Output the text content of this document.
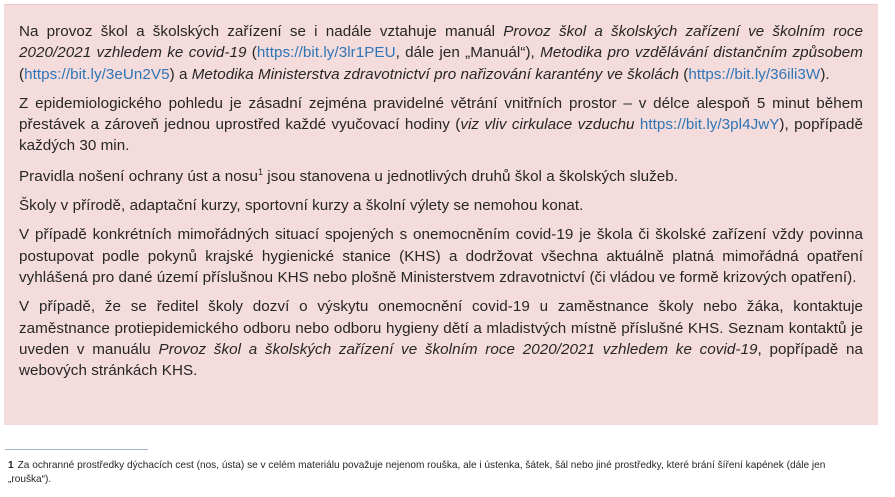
Na provoz škol a školských zařízení se i nadále vztahuje manuál Provoz škol a školských zařízení ve školním roce 2020/2021 vzhledem ke covid-19 (https://bit.ly/3lr1PEU, dále jen „Manuál“), Metodika pro vzdělávání distančním způsobem (https://bit.ly/3eUn2V5) a Metodika Ministerstva zdravotnictví pro nařizování karantény ve školách (https://bit.ly/36ili3W).

Z epidemiologického pohledu je zásadní zejména pravidelné větrání vnitřních prostor – v délce alespoň 5 minut během přestávek a zároveň jednou uprostřed každé vyučovací hodiny (viz vliv cirkulace vzduchu https://bit.ly/3pl4JwY), popřípadě každých 30 min.

Pravidla nošení ochrany úst a nosu$^1$ jsou stanovena u jednotlivých druhů škol a školských služeb.

Školy v přírodě, adaptační kurzy, sportovní kurzy a školní výlety se nemohou konat.

V případě konkrétních mimořádných situací spojených s onemocněním covid-19 je škola či školské zařízení vždy povinna postupovat podle pokynů krajské hygienické stanice (KHS) a dodržovat všechna aktuálně platná mimořádná opatření vyhlášená pro dané území příslušnou KHS nebo plošně Ministerstvem zdravotnictví (či vládou ve formě krizových opatření).

V případě, že se ředitel školy dozví o výskytu onemocnění covid-19 u zaměstnance školy nebo žáka, kontaktuje zaměstnance protiepidemického odboru nebo odboru hygieny dětí a mladistvých místně příslušné KHS. Seznam kontaktů je uveden v manuálu Provoz škol a školských zařízení ve školním roce 2020/2021 vzhledem ke covid-19, popřípadě na webových stránkách KHS.

1 Za ochranné prostředky dýchacích cest (nos, ústa) se v celém materiálu považuje nejenom rouška, ale i ústenka, šátek, šál nebo jiné prostředky, které brání šíření kapének (dále jen „rouška“).
